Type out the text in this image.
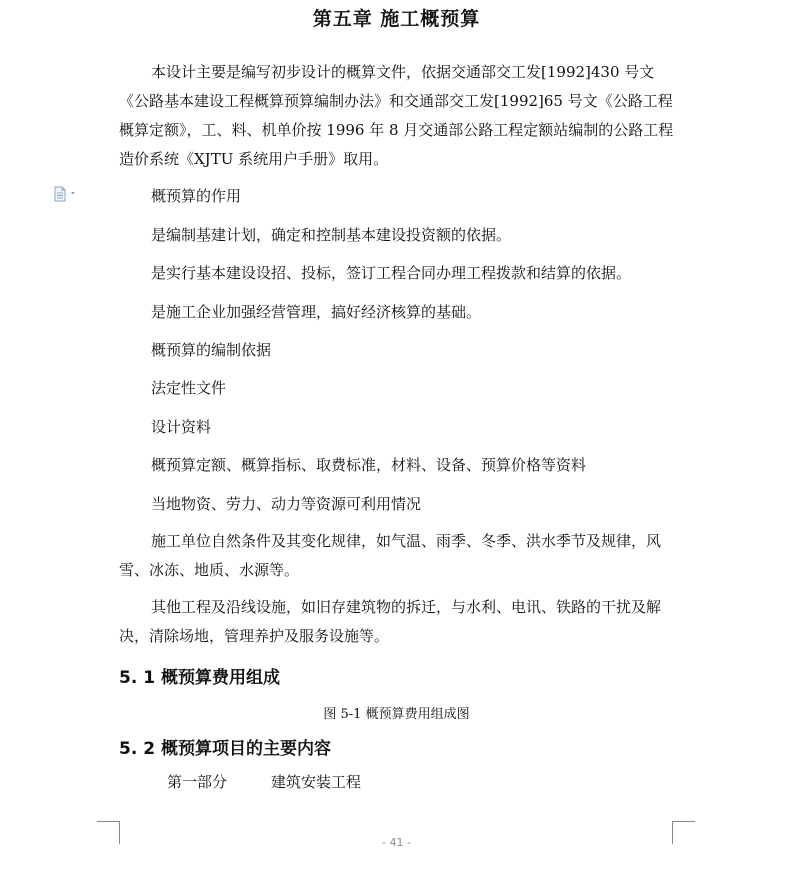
第五章 施工概预算
本设计主要是编写初步设计的概算文件，依据交通部交工发[1992]430 号文《公路基本建设工程概算预算编制办法》和交通部交工发[1992]65 号文《公路工程概算定额》，工、料、机单价按 1996 年 8 月交通部公路工程定额站编制的公路工程造价系统《XJTU 系统用户手册》取用。
概预算的作用
是编制基建计划，确定和控制基本建设投资额的依据。
是实行基本建设设招、投标，签订工程合同办理工程拨款和结算的依据。
是施工企业加强经营管理，搞好经济核算的基础。
概预算的编制依据
法定性文件
设计资料
概预算定额、概算指标、取费标准，材料、设备、预算价格等资料
当地物资、劳力、动力等资源可利用情况
施工单位自然条件及其变化规律，如气温、雨季、冬季、洪水季节及规律，风雪、冰冻、地质、水源等。
其他工程及沿线设施，如旧存建筑物的拆迁，与水利、电讯、铁路的干扰及解决，清除场地，管理养护及服务设施等。
5. 1 概预算费用组成
图 5-1 概预算费用组成图
5. 2 概预算项目的主要内容
第一部分	建筑安装工程
- 41 -
